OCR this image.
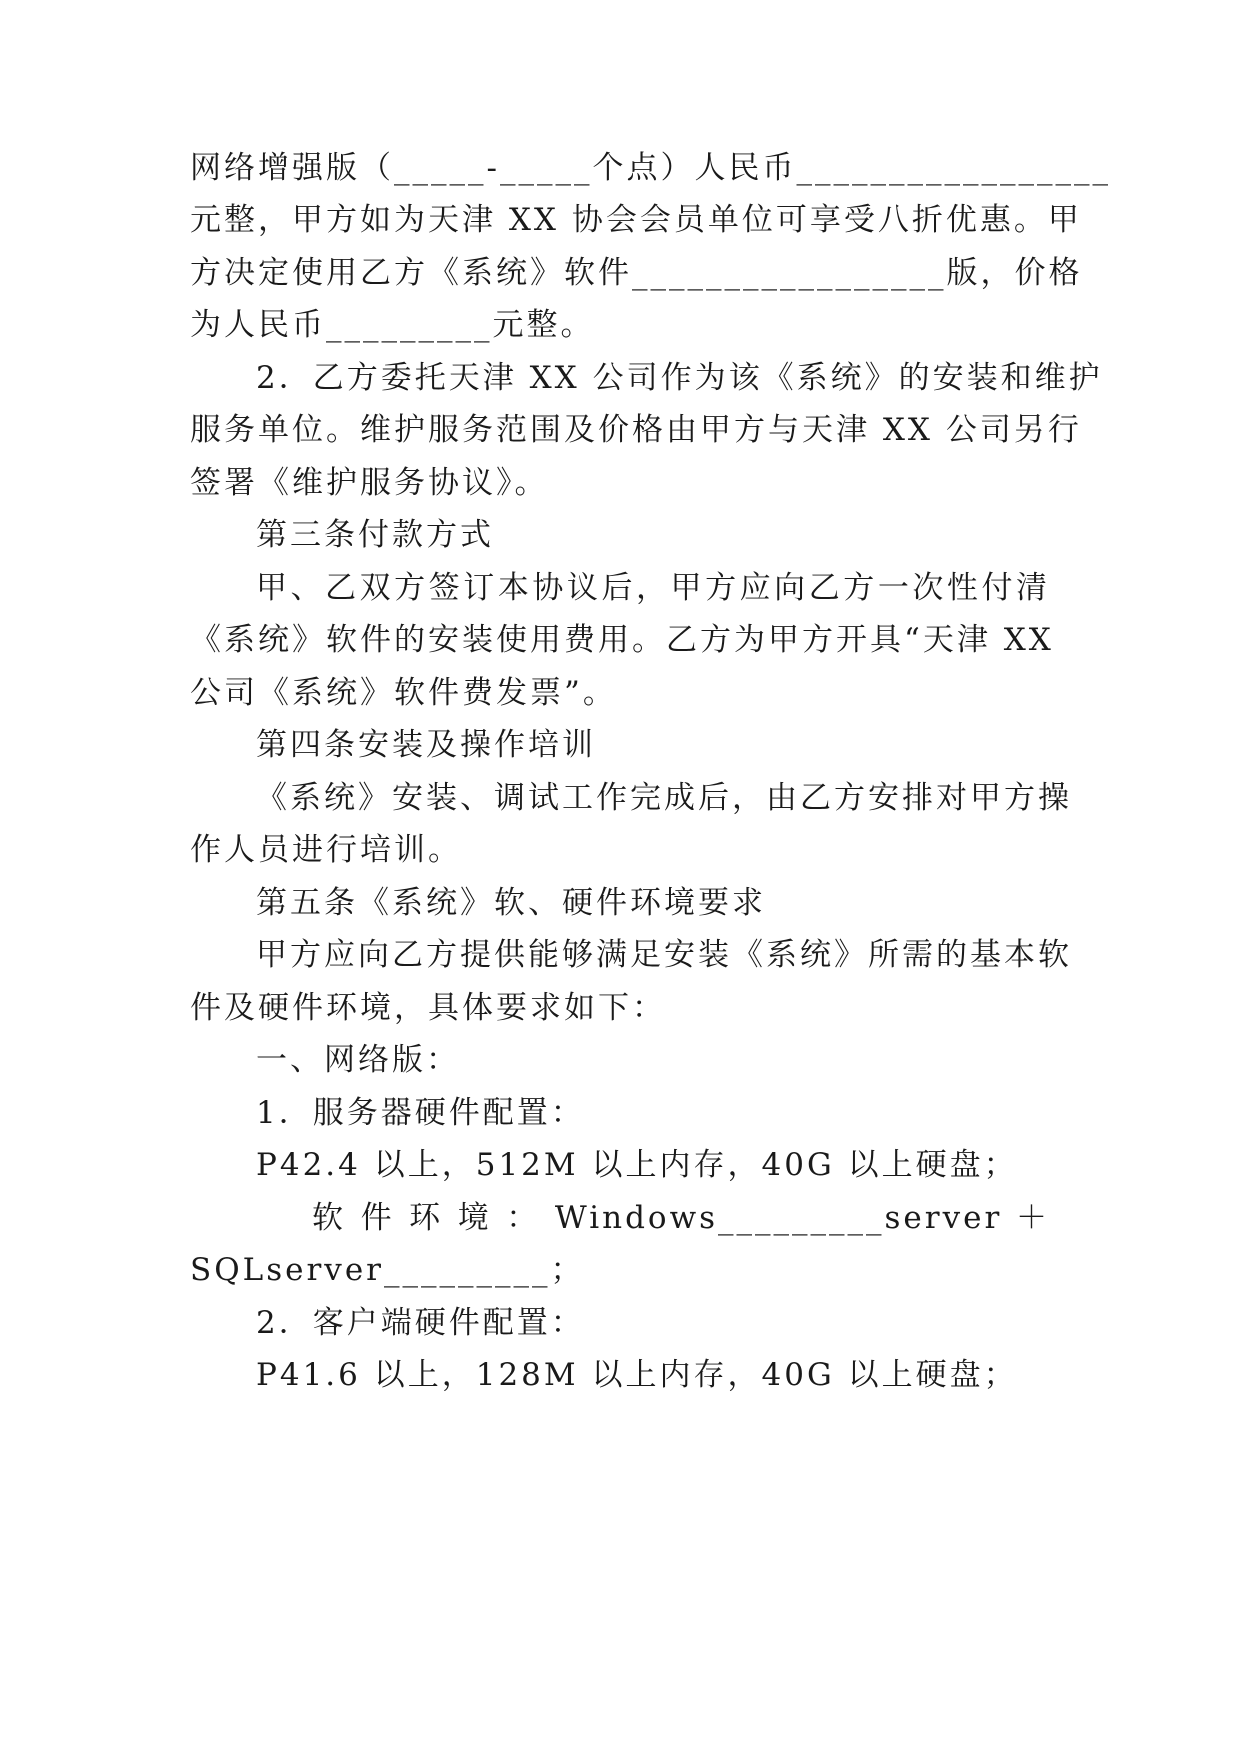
网络增强版（_____-_____个点）人民币_________________
元整，甲方如为天津 XX 协会会员单位可享受八折优惠。甲
方决定使用乙方《系统》软件_________________版，价格
为人民币_________元整。
2．乙方委托天津 XX 公司作为该《系统》的安装和维护
服务单位。维护服务范围及价格由甲方与天津 XX 公司另行
签署《维护服务协议》。
第三条付款方式
甲、乙双方签订本协议后，甲方应向乙方一次性付清
《系统》软件的安装使用费用。乙方为甲方开具“天津 XX
公司《系统》软件费发票”。
第四条安装及操作培训
《系统》安装、调试工作完成后，由乙方安排对甲方操
作人员进行培训。
第五条《系统》软、硬件环境要求
甲方应向乙方提供能够满足安装《系统》所需的基本软
件及硬件环境，具体要求如下：
一、网络版：
1．服务器硬件配置：
P42.4 以上，512M 以上内存，40G 以上硬盘；
软 件 环 境 ： Windows_________server ＋
SQLserver_________；
2．客户端硬件配置：
P41.6 以上，128M 以上内存，40G 以上硬盘；
